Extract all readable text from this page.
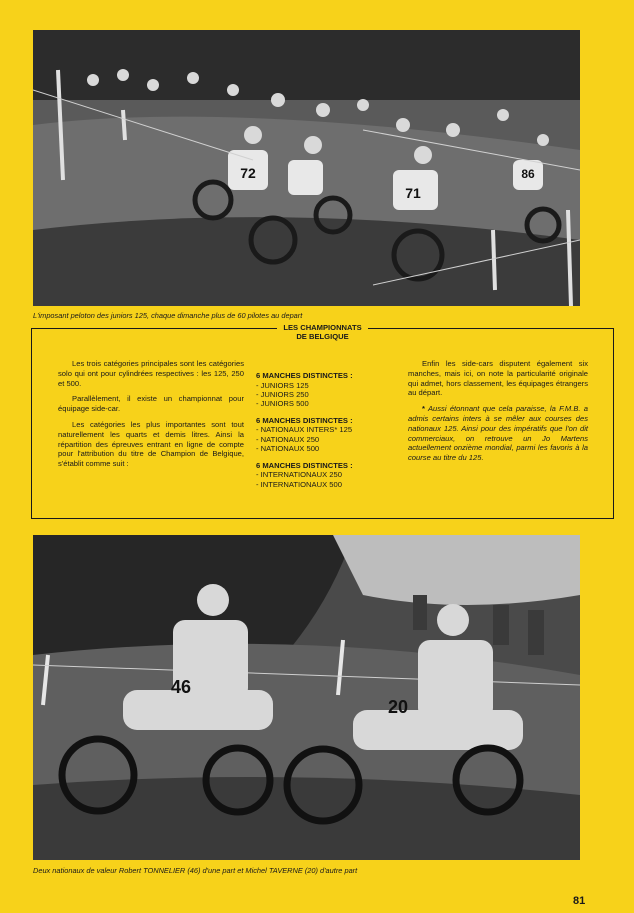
72
71
86
L'imposant peloton des juniors 125, chaque dimanche plus de 60 pilotes au depart
LES CHAMPIONNATS
DE BELGIQUE

Les trois catégories principales sont les catégories solo qui ont pour cylindrées respectives : les 125, 250 et 500.

Parallèlement, il existe un championnat pour équipage side-car.

Les catégories les plus importantes sont tout naturellement les quarts et demis litres. Ainsi la répartition des épreuves entrant en ligne de compte pour l'attribution du titre de Champion de Belgique, s'établit comme suit :

6 MANCHES DISTINCTES :
- JUNIORS 125
- JUNIORS 250
- JUNIORS 500
6 MANCHES DISTINCTES :
- NATIONAUX INTERS* 125
- NATIONAUX 250
- NATIONAUX 500
6 MANCHES DISTINCTES :
- INTERNATIONAUX 250
- INTERNATIONAUX 500

Enfin les side-cars disputent également six manches, mais ici, on note la particularité originale qui admet, hors classement, les équipages étrangers au départ.

* Aussi étonnant que cela paraisse, la F.M.B. a admis certains inters à se mêler aux courses des nationaux 125. Ainsi pour des impératifs que l'on dit commerciaux, on retrouve un Jo Martens actuellement onzième mondial, parmi les favoris à la course au titre du 125.

46
20
Deux nationaux de valeur Robert TONNELIER (46) d'une part et Michel TAVERNE (20) d'autre part
81
